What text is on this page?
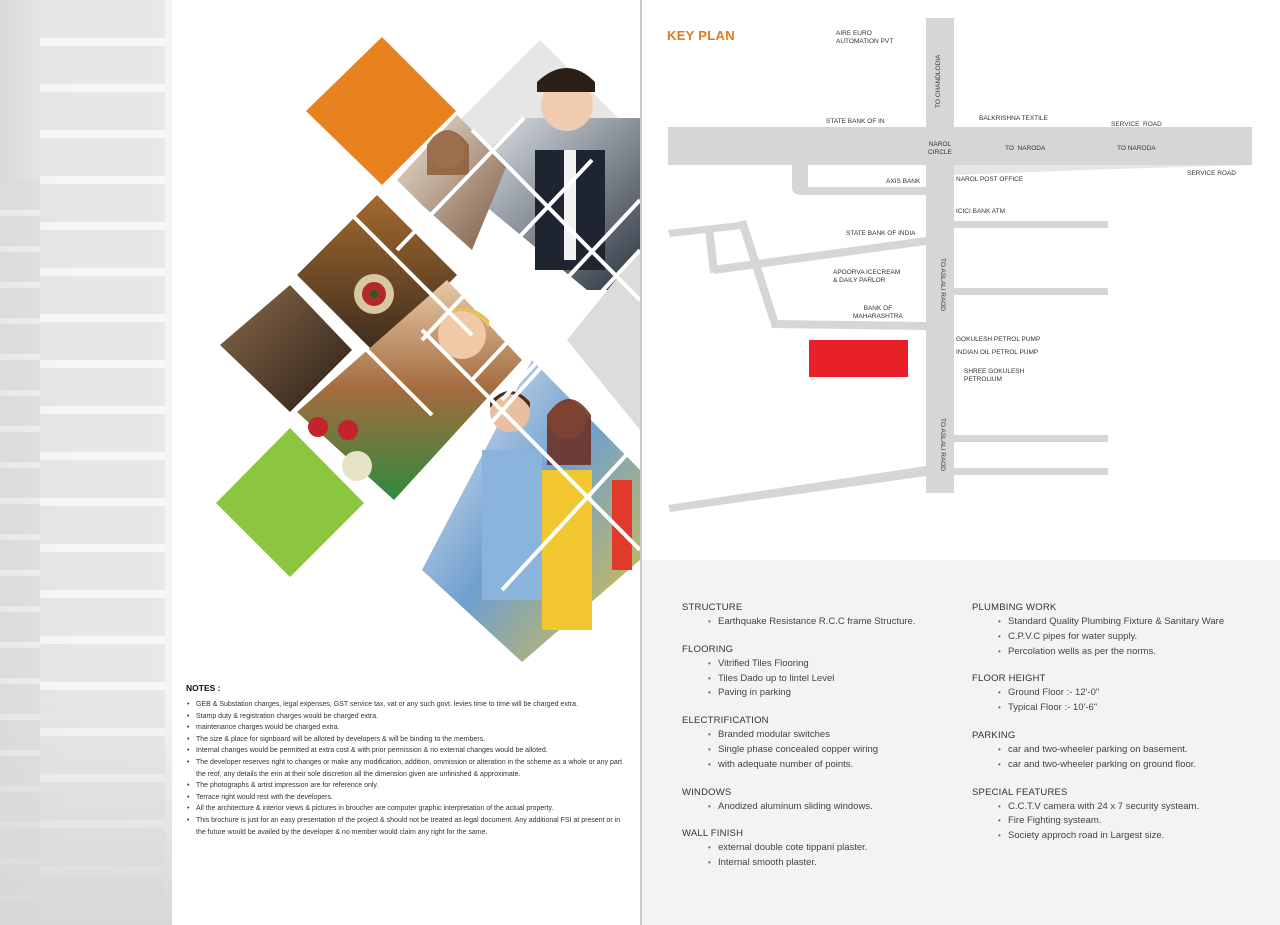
NOTES :
• GEB & Substation charges, legal expenses, GST service tax, vat or any such govt. levies time to time will be charged extra.
• Stamp duty & registration charges would be charged extra.
• maintenance charges would be charged extra.
• The size & place for signboard will be alloted by developers & will be binding to the members.
• Internal changes would be permitted at extra cost & with prior permission & no external changes would be alloted.
• The developer reserves right to changes or make any modification, addition, ommission or alteration in the scheme as a whole or any part the reof, any details the erin at their sole discretion all the dimension given are unfinished & approximate.
• The photographs & artist impression are for reference only.
• Terrace right would rest with the developers.
• All the architecture & interior views & pictures in broucher are computer graphic interpretation of the actual property.
• This brochure is just for an easy presentation of the project & should not be treated as legal document. Any additional FSI at present or in the future would be availed by the developer & no member would claim any right for the same.
KEY PLAN	AIRE EURO
AUTOMATION PVT
TO CHANDLODIA
STATE BANK OF IN	BALKRISHNA TEXTILE
SERVICE  ROAD
NAROL
CIRCLE
TO  NARODA	TO NARODA
SERVICE ROAD
AXIS BANK	NAROL POST OFFICE
ICICI BANK ATM
STATE BANK OF INDIA
APOORVA ICECREAM
& DAILY PARLOR	TO ASLALI RAOD
BANK OF
MAHARASHTRA
GOKULESH PETROL PUMP
INDIAN OIL PETROL PUMP
SHREE GOKULESH
PETROLIUM
TO ASLALI RAOD
STRUCTURE
• Earthquake Resistance R.C.C frame Structure.
FLOORING
• Vitrified Tiles Flooring
• Tiles Dado up to lintel Level
• Paving in parking
ELECTRIFICATION
• Branded modular switches
• Single phase concealed copper wiring
• with adequate number of points.
WINDOWS
• Anodized aluminum sliding windows.
WALL FINISH
• external double cote tippani plaster.
• Internal smooth plaster.
PLUMBING WORK
• Standard Quality Plumbing Fixture & Sanitary Ware
• C.P.V.C pipes for water supply.
• Percolation wells as per the norms.
FLOOR HEIGHT
• Ground Floor :- 12'-0"
• Typical Floor :- 10'-6"
PARKING
• car and two-wheeler parking on basement.
• car and two-wheeler parking on ground floor.
SPECIAL FEATURES
• C.C.T.V camera with 24 x 7 security systeam.
• Fire Fighting systeam.
• Society approch road in Largest size.
